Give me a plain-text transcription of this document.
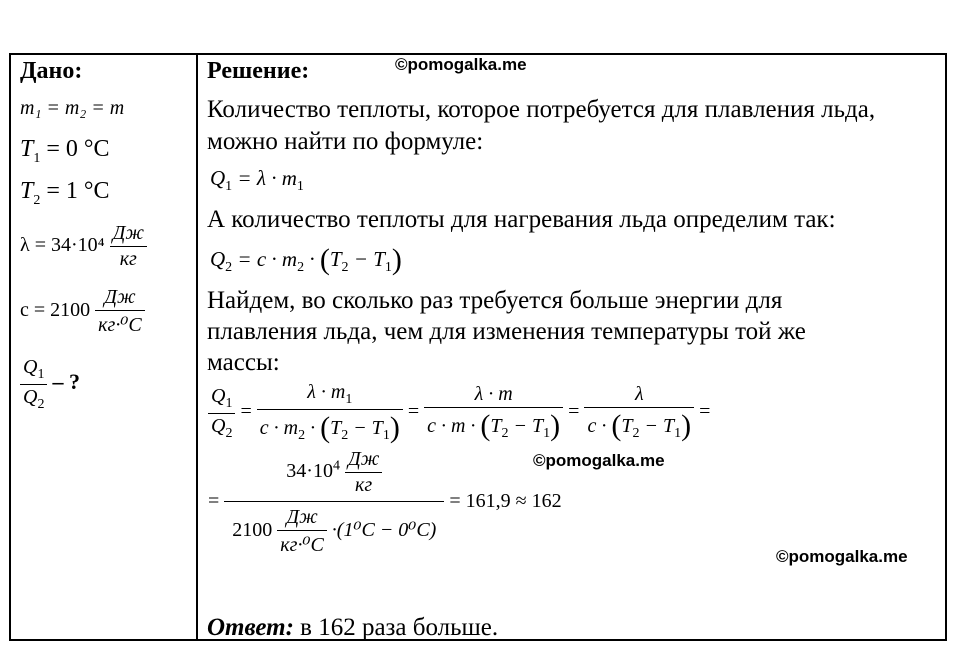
©pomogalka.me
©pomogalka.me
©pomogalka.me
Дано:
m₁ = m₂ = m
$T_1 = 0$ °C
$T_2 = 1$ °C
$\lambda = 34\cdot 10^4 \frac{Дж}{кг}$
$c = 2100 \frac{Дж}{\text{кг·⁰C}}$
$\frac{Q_1}{Q_2}$ – ?
Решение:
Количество теплоты, которое потребуется для плавления льда,
можно найти по формуле:
$Q_1 = \lambda \cdot m_1$
А количество теплоты для нагревания льда определим так:
$Q_2 = c \cdot m_2 \cdot (T_2 - T_1)$
Найдем, во сколько раз требуется больше энергии для
плавления льда, чем для изменения температуры той же
массы:
$\frac{Q_1}{Q_2} = \frac{\lambda \cdot m_1}{c \cdot m_2 \cdot (T_2 - T_1)} = \frac{\lambda \cdot m}{c \cdot m \cdot (T_2 - T_1)} = \frac{\lambda}{c \cdot (T_2 - T_1)}$ =
= $\frac{34\cdot 10^4 \frac{Дж}{кг}}{2100 \frac{Дж}{\text{кг·⁰C}} \cdot(1^0C - 0^0C)} = 161,9 \approx 162$
Ответ: в 162 раза больше.
